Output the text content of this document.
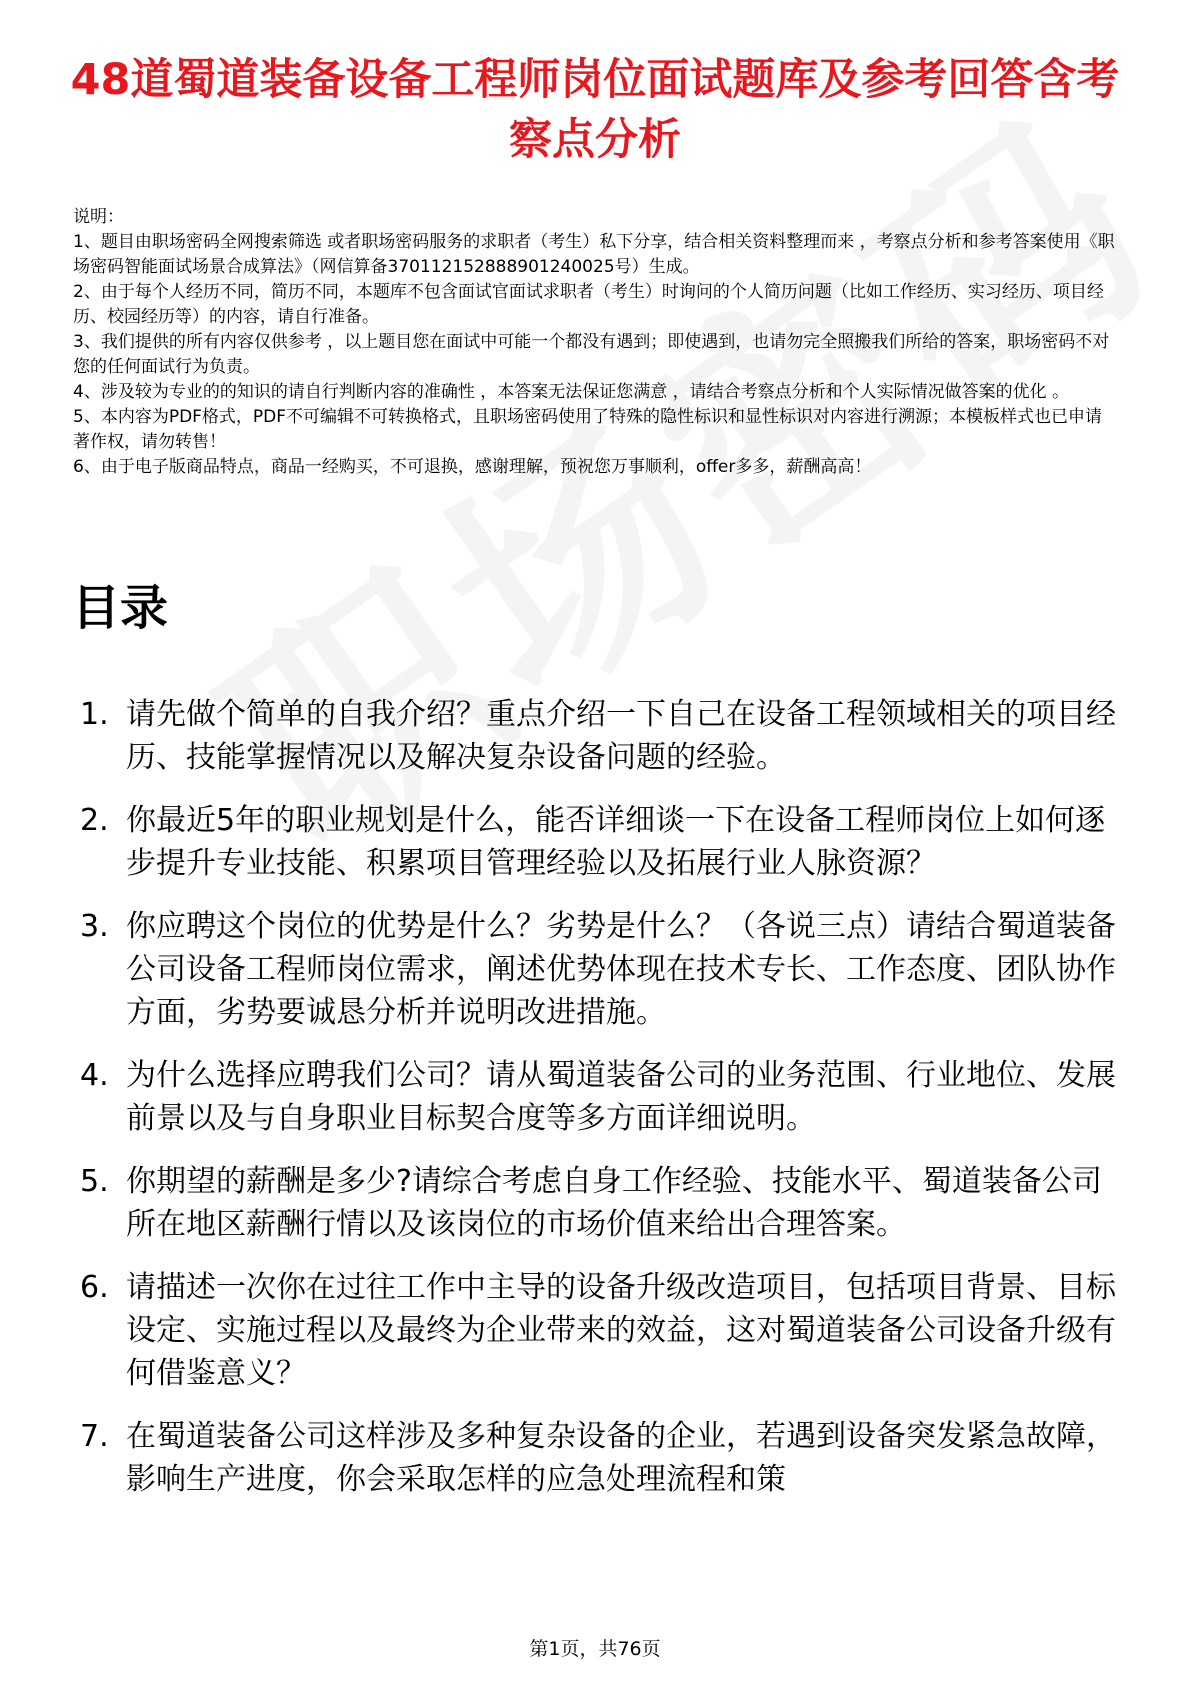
48道蜀道装备设备工程师岗位面试题库及参考回答含考察点分析

说明：

1、题目由职场密码全网搜索筛选 或者职场密码服务的求职者（考生）私下分享，结合相关资料整理而来 ，考察点分析和参考答案使用《职场密码智能面试场景合成算法》（网信算备370112152888901240025号）生成。

2、由于每个人经历不同，简历不同，本题库不包含面试官面试求职者（考生）时询问的个人简历问题（比如工作经历、实习经历、项目经历、校园经历等）的内容，请自行准备。

3、我们提供的所有内容仅供参考 ，以上题目您在面试中可能一个都没有遇到；即使遇到，也请勿完全照搬我们所给的答案，职场密码不对您的任何面试行为负责。

4、涉及较为专业的的知识的请自行判断内容的准确性 ，本答案无法保证您满意 ，请结合考察点分析和个人实际情况做答案的优化 。

5、本内容为PDF格式，PDF不可编辑不可转换格式，且职场密码使用了特殊的隐性标识和显性标识对内容进行溯源；本模板样式也已申请著作权，请勿转售！

6、由于电子版商品特点，商品一经购买，不可退换，感谢理解，预祝您万事顺利，offer多多，薪酬高高！

目录
1. 请先做个简单的自我介绍？重点介绍一下自己在设备工程领域相关的项目经历、技能掌握情况以及解决复杂设备问题的经验。
2. 你最近5年的职业规划是什么，能否详细谈一下在设备工程师岗位上如何逐步提升专业技能、积累项目管理经验以及拓展行业人脉资源？
3. 你应聘这个岗位的优势是什么？劣势是什么？（各说三点）请结合蜀道装备公司设备工程师岗位需求，阐述优势体现在技术专长、工作态度、团队协作方面，劣势要诚恳分析并说明改进措施。
4. 为什么选择应聘我们公司？请从蜀道装备公司的业务范围、行业地位、发展前景以及与自身职业目标契合度等多方面详细说明。
5. 你期望的薪酬是多少?请综合考虑自身工作经验、技能水平、蜀道装备公司所在地区薪酬行情以及该岗位的市场价值来给出合理答案。
6. 请描述一次你在过往工作中主导的设备升级改造项目，包括项目背景、目标设定、实施过程以及最终为企业带来的效益，这对蜀道装备公司设备升级有何借鉴意义？
7. 在蜀道装备公司这样涉及多种复杂设备的企业，若遇到设备突发紧急故障，影响生产进度，你会采取怎样的应急处理流程和策
第1页，共76页
